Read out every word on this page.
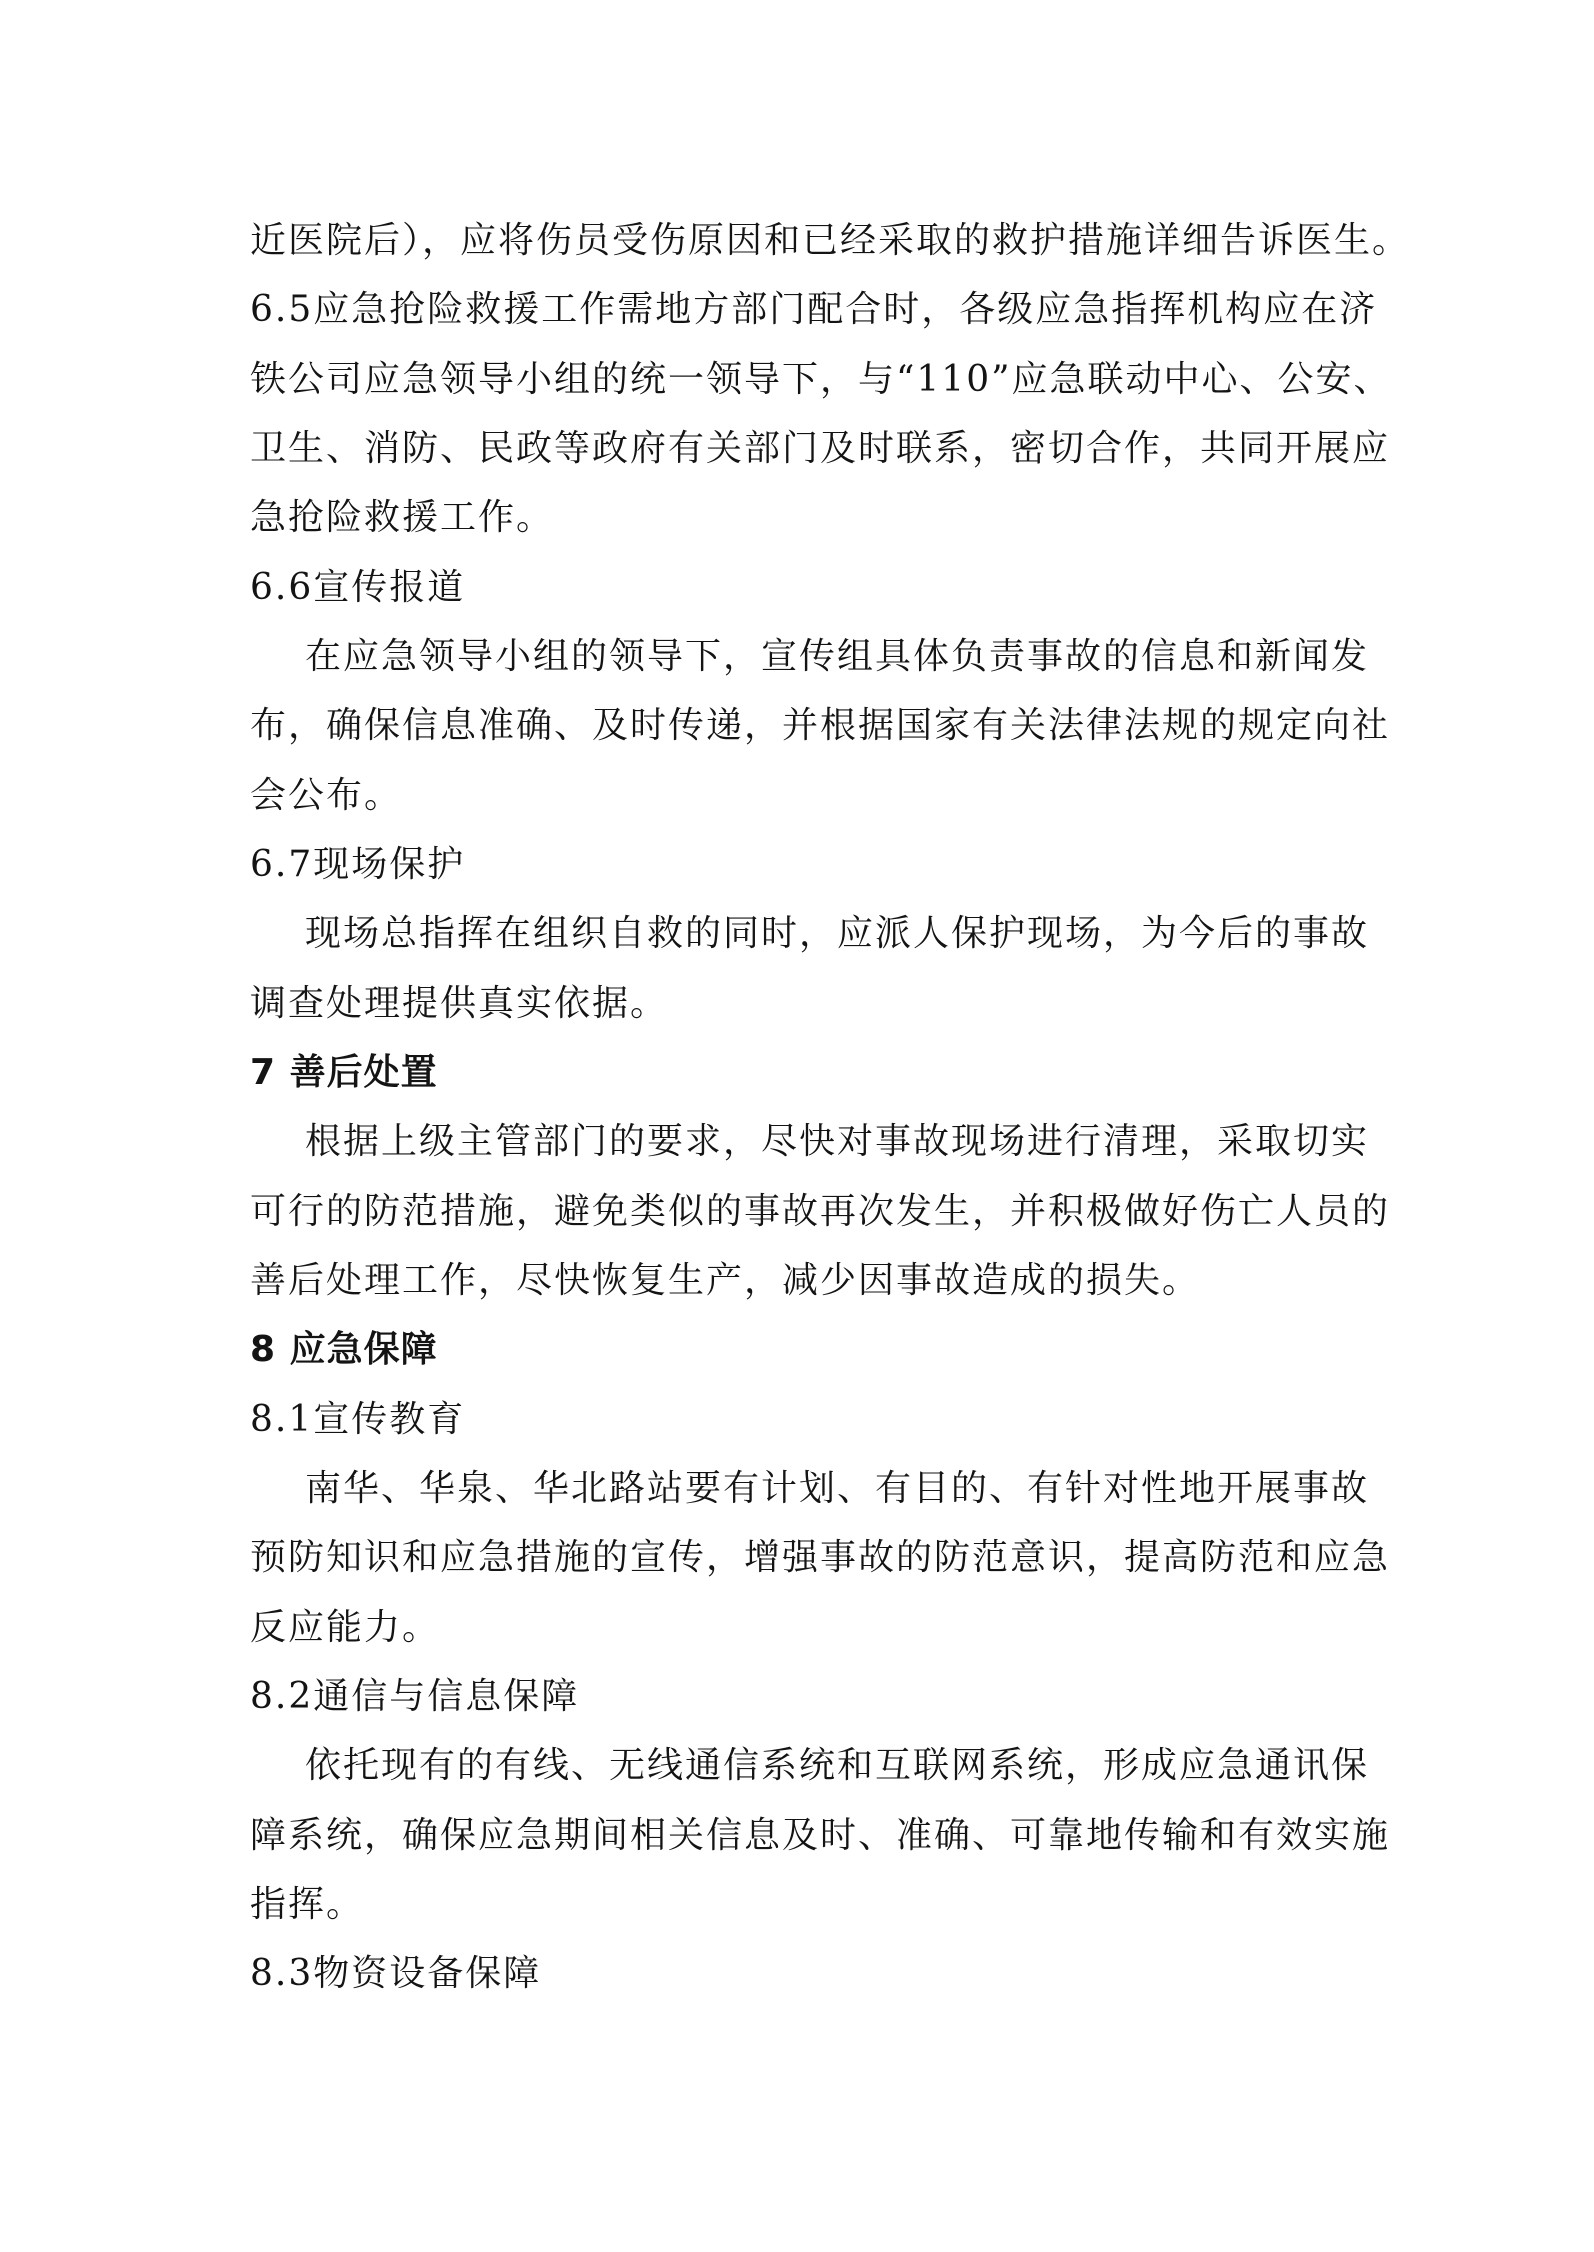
近医院后），应将伤员受伤原因和已经采取的救护措施详细告诉医生。
6.5应急抢险救援工作需地方部门配合时，各级应急指挥机构应在济
铁公司应急领导小组的统一领导下，与“110”应急联动中心、公安、
卫生、消防、民政等政府有关部门及时联系，密切合作，共同开展应
急抢险救援工作。
6.6宣传报道
在应急领导小组的领导下，宣传组具体负责事故的信息和新闻发
布，确保信息准确、及时传递，并根据国家有关法律法规的规定向社
会公布。
6.7现场保护
现场总指挥在组织自救的同时，应派人保护现场，为今后的事故
调查处理提供真实依据。
7 善后处置
根据上级主管部门的要求，尽快对事故现场进行清理，采取切实
可行的防范措施，避免类似的事故再次发生，并积极做好伤亡人员的
善后处理工作，尽快恢复生产，减少因事故造成的损失。
8 应急保障
8.1宣传教育
南华、华泉、华北路站要有计划、有目的、有针对性地开展事故
预防知识和应急措施的宣传，增强事故的防范意识，提高防范和应急
反应能力。
8.2通信与信息保障
依托现有的有线、无线通信系统和互联网系统，形成应急通讯保
障系统，确保应急期间相关信息及时、准确、可靠地传输和有效实施
指挥。
8.3物资设备保障
